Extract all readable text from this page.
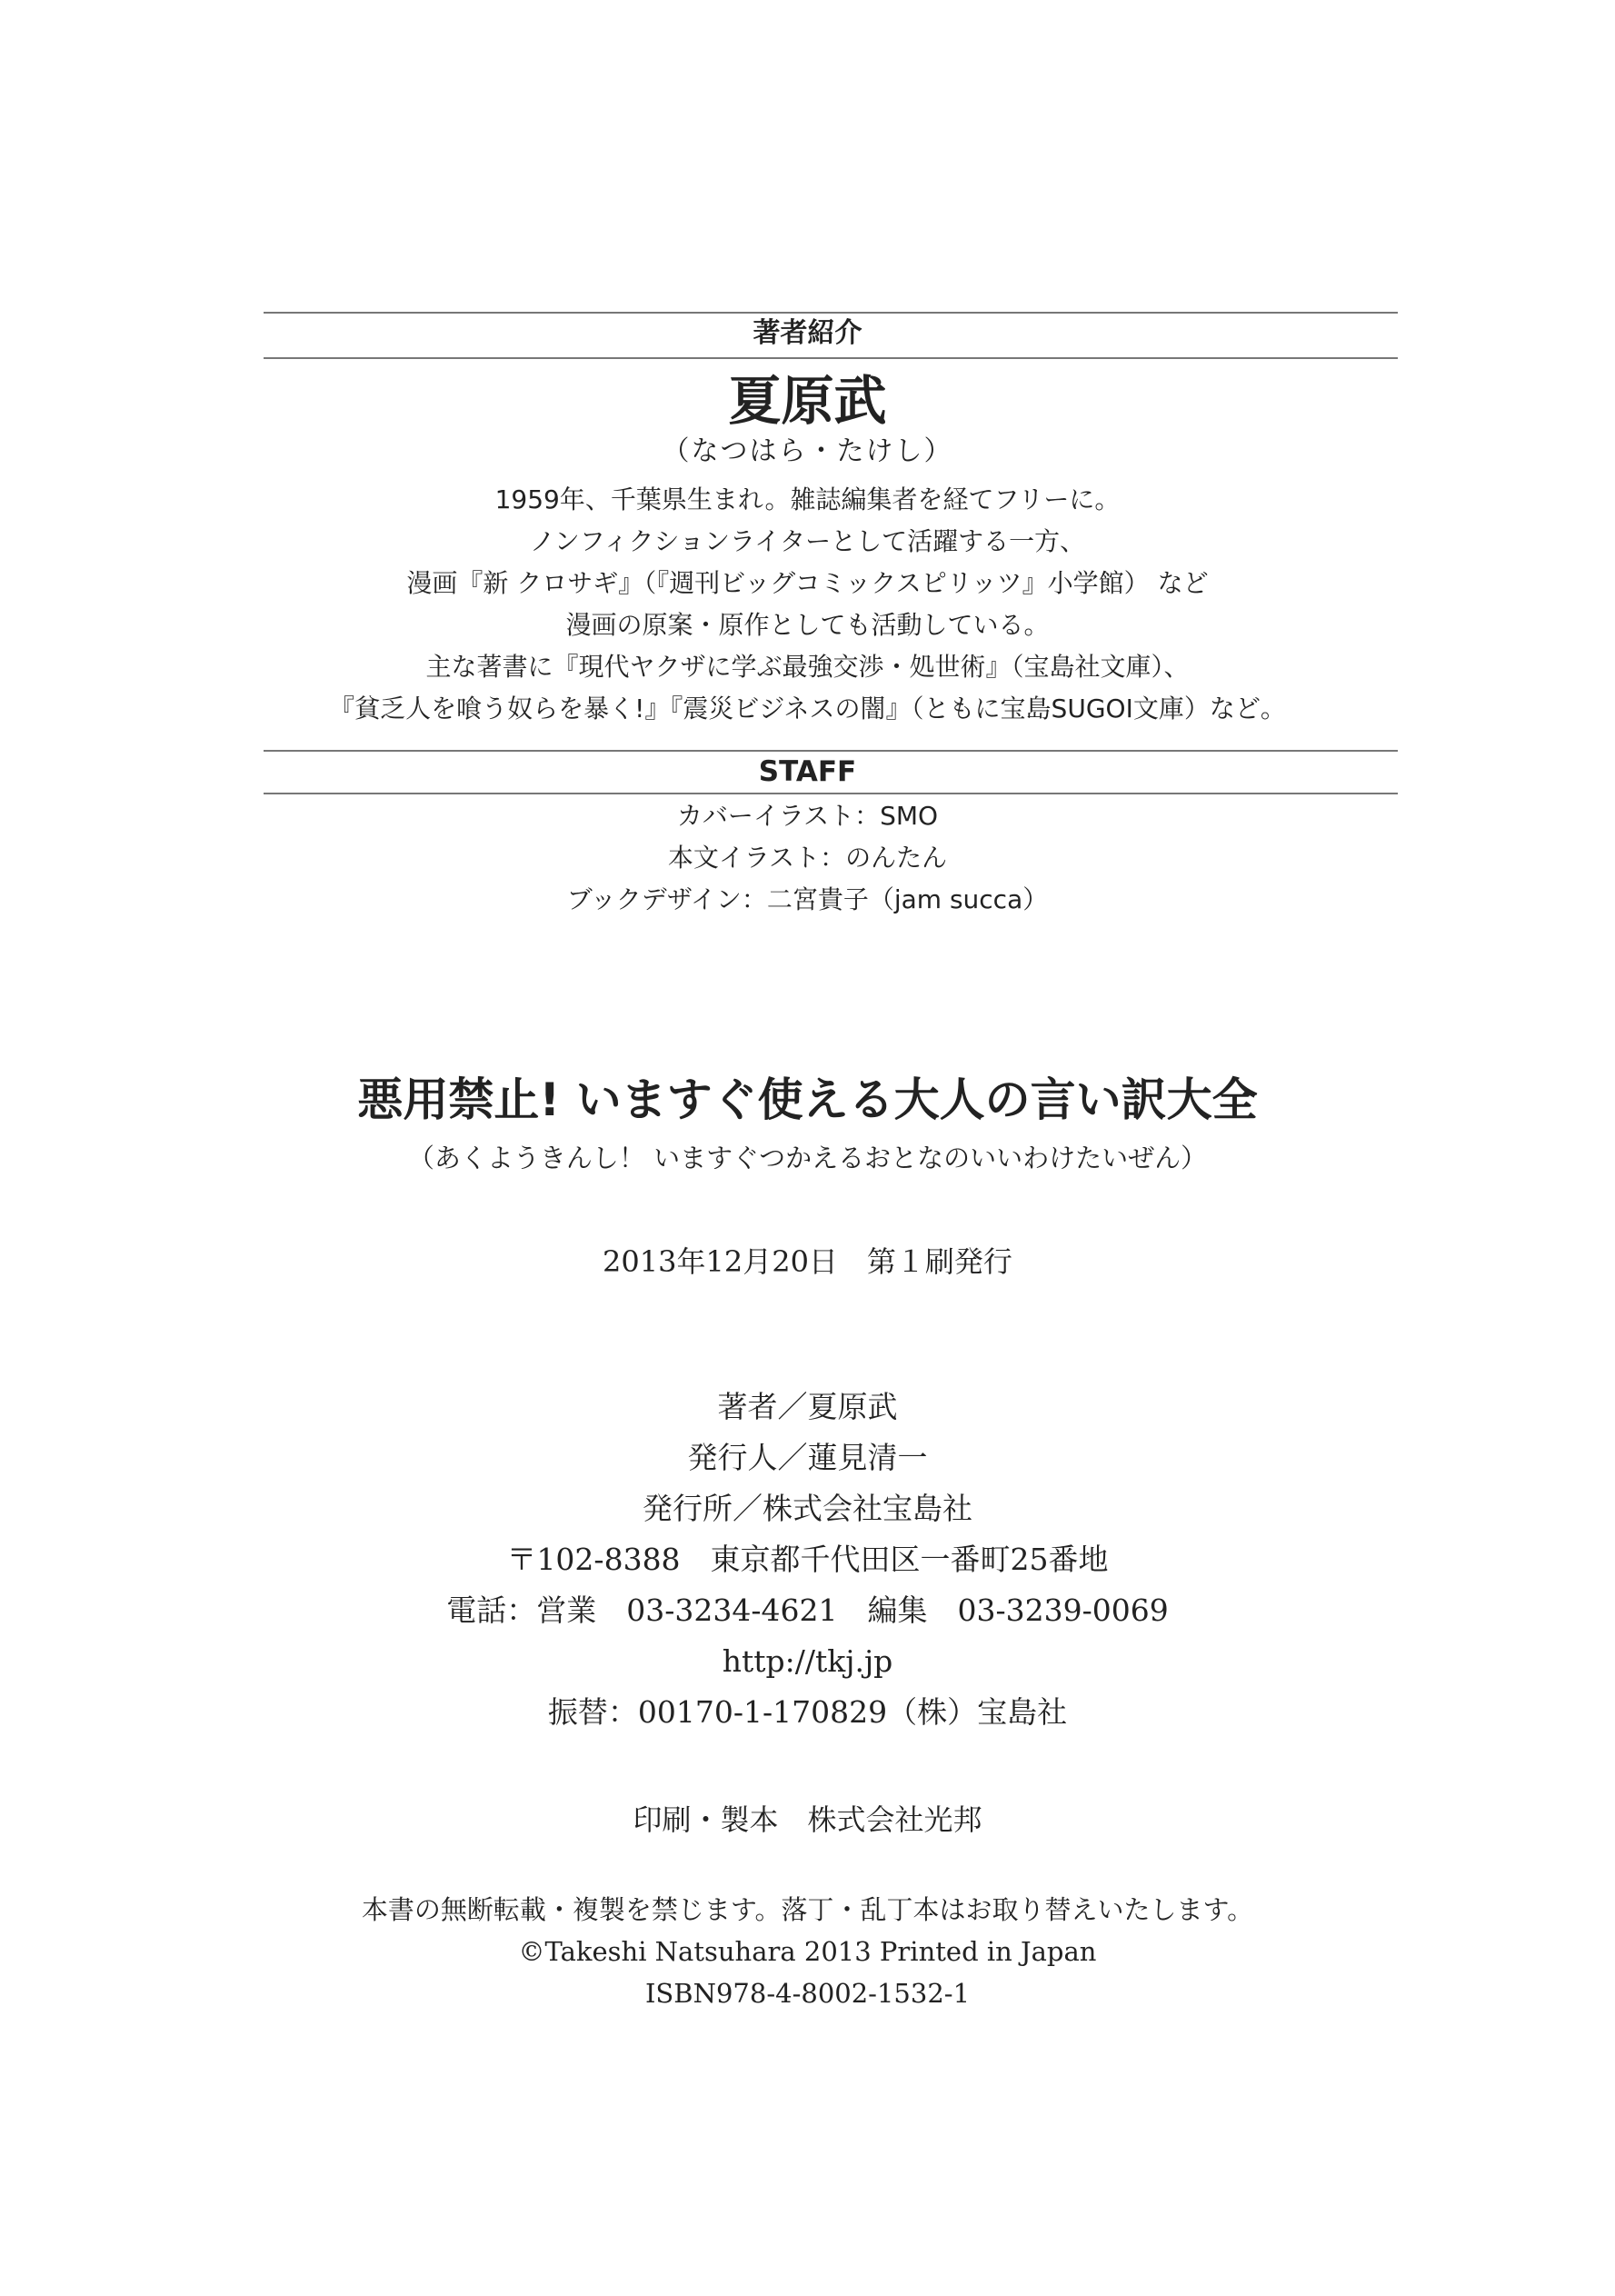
著者紹介
夏原武
（なつはら・たけし）
1959年、千葉県生まれ。雑誌編集者を経てフリーに。
ノンフィクションライターとして活躍する一方、
漫画『新 クロサギ』（『週刊ビッグコミックスピリッツ』小学館） など
漫画の原案・原作としても活動している。
主な著書に『現代ヤクザに学ぶ最強交渉・処世術』（宝島社文庫）、
『貧乏人を喰う奴らを暴く!』『震災ビジネスの闇』（ともに宝島SUGOI文庫）など。
STAFF
カバーイラスト：SMO
本文イラスト：のんたん
ブックデザイン：二宮貴子（jam succa）
悪用禁止! いますぐ使える大人の言い訳大全
（あくようきんし！ いますぐつかえるおとなのいいわけたいぜん）
2013年12月20日　第１刷発行
著者／夏原武
発行人／蓮見清一
発行所／株式会社宝島社
〒102-8388　東京都千代田区一番町25番地
電話：営業　03-3234-4621　編集　03-3239-0069
http://tkj.jp
振替：00170-1-170829（株）宝島社
印刷・製本　株式会社光邦
本書の無断転載・複製を禁じます。落丁・乱丁本はお取り替えいたします。
©Takeshi Natsuhara 2013 Printed in Japan
ISBN978-4-8002-1532-1
